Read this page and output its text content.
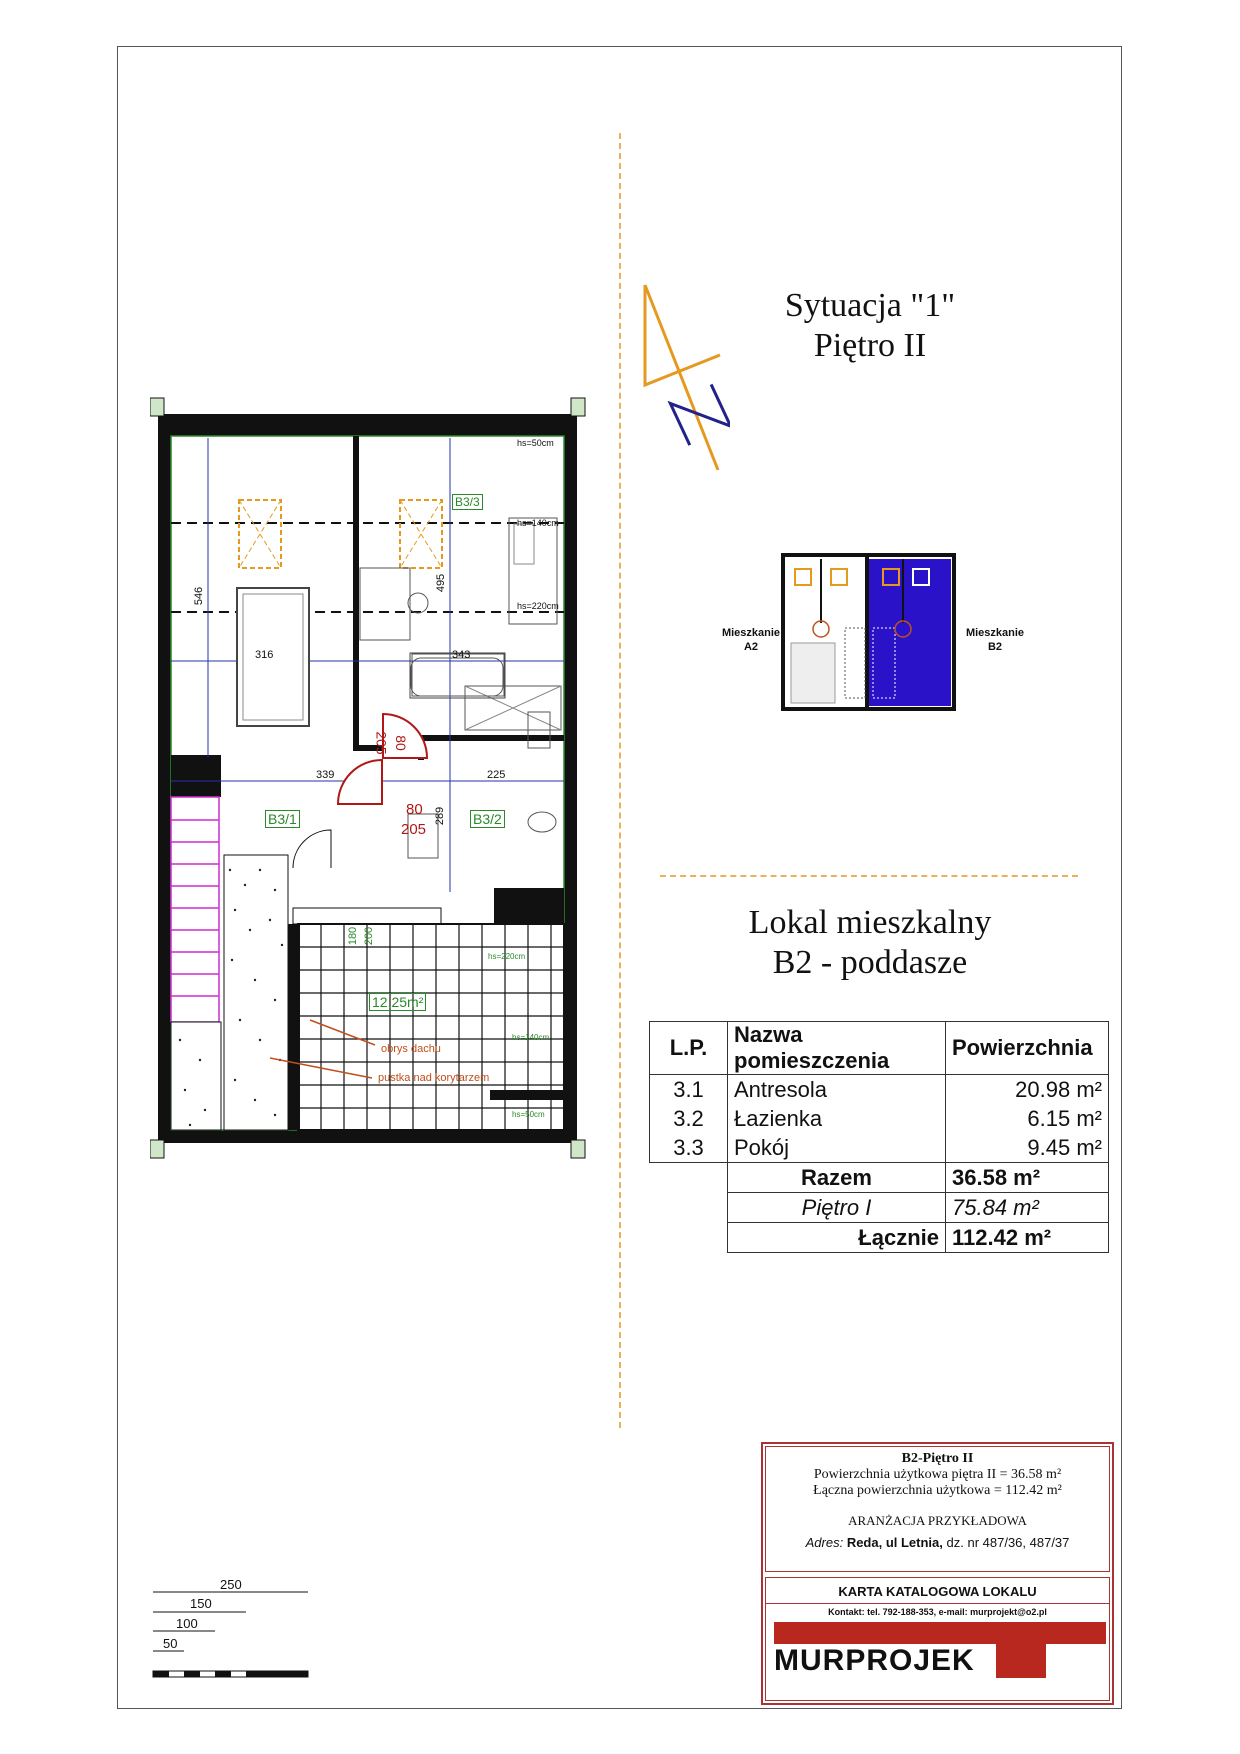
Sytuacja "1"
Piętro II
Mieszkanie
A2
Mieszkanie
B2
B3/3
B3/1	B3/2
12,25m²
546
495
316	343
339	225
289
205 80
80
205
180 200
hs=50cm
hs=140cm
hs=220cm
hs=220cm
hs=140cm
hs=50cm
obrys dachu
pustka nad korytarzem
Lokal mieszkalny
B2 - poddasze
L.P.	Nazwa pomieszczenia	Powierzchnia
3.1	Antresola	20.98 m²
3.2	Łazienka	6.15 m²
3.3	Pokój	9.45 m²
	Razem	36.58 m²
	Piętro I	75.84 m²
	Łącznie	112.42 m²
B2-Piętro II
Powierzchnia użytkowa piętra II = 36.58 m²
Łączna powierzchnia użytkowa = 112.42 m²
ARANŻACJA PRZYKŁADOWA
Adres: Reda, ul Letnia, dz. nr 487/36, 487/37
KARTA KATALOGOWA LOKALU
Kontakt: tel. 792-188-353, e-mail: murprojekt@o2.pl
MURPROJEK
250
150
100
50
